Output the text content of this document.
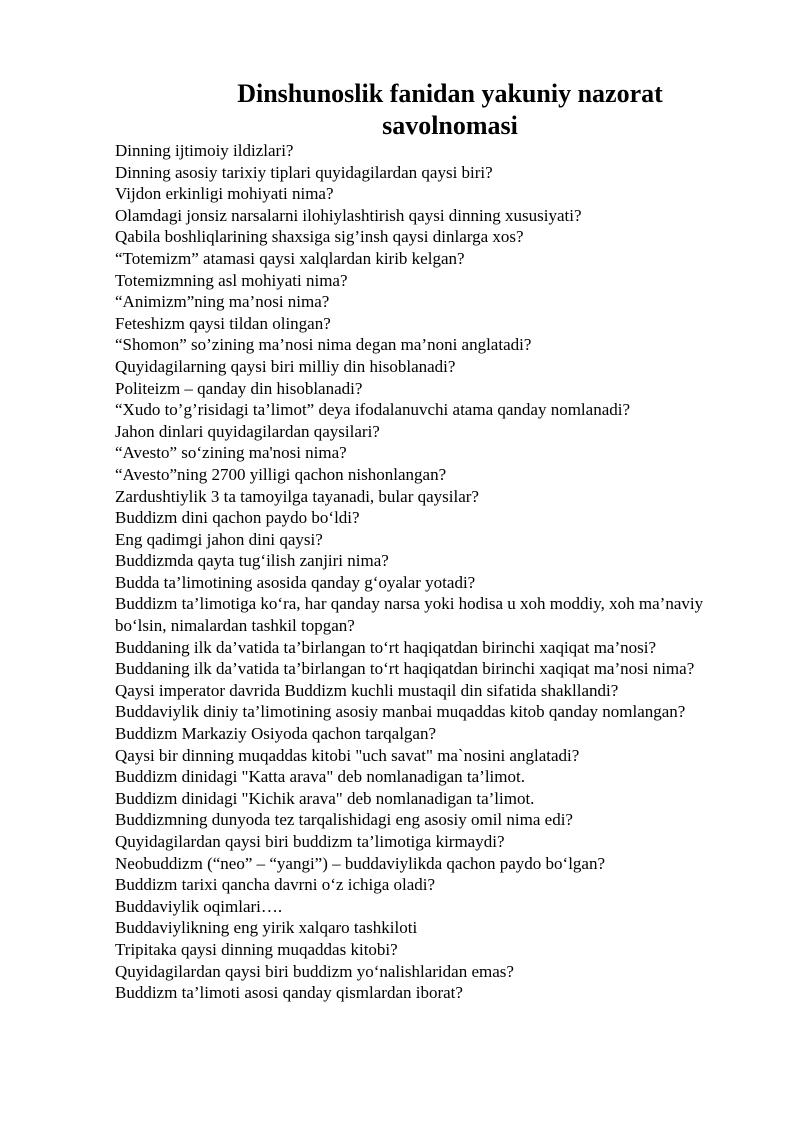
Dinshunoslik fanidan yakuniy nazorat savolnomasi
Dinning ijtimoiy ildizlari?
Dinning asosiy tarixiy tiplari quyidagilardan qaysi biri?
Vijdon erkinligi mohiyati nima?
Olamdagi jonsiz narsalarni ilohiylashtirish qaysi dinning xususiyati?
Qabila boshliqlarining shaxsiga sig’insh qaysi dinlarga xos?
“Totemizm” atamasi qaysi xalqlardan kirib kelgan?
Totemizmning asl mohiyati nima?
“Animizm”ning ma’nosi nima?
Feteshizm qaysi tildan olingan?
“Shomon” so’zining ma’nosi nima degan ma’noni anglatadi?
Quyidagilarning qaysi biri milliy din hisoblanadi?
Politeizm – qanday din hisoblanadi?
“Xudo to’g’risidagi ta’limot” deya ifodalanuvchi atama qanday nomlanadi?
Jahon dinlari quyidagilardan qaysilari?
“Avesto” so‘zining ma'nosi nima?
“Avesto”ning 2700 yilligi qachon nishonlangan?
Zardushtiylik 3 ta tamoyilga tayanadi, bular qaysilar?
Buddizm dini qachon paydo bo‘ldi?
Eng qadimgi jahon dini qaysi?
Buddizmda qayta tug‘ilish zanjiri nima?
Budda ta’limotining asosida qanday g‘oyalar yotadi?
Buddizm ta’limotiga ko‘ra, har qanday narsa yoki hodisa u xoh moddiy, xoh ma’naviy bo‘lsin, nimalardan tashkil topgan?
Buddaning ilk da’vatida ta’birlangan to‘rt haqiqatdan birinchi xaqiqat ma’nosi?
Buddaning ilk da’vatida ta’birlangan to‘rt haqiqatdan birinchi xaqiqat ma’nosi nima?
Qaysi imperator davrida Buddizm kuchli mustaqil din sifatida shakllandi?
Buddaviylik diniy ta’limotining asosiy manbai muqaddas kitob qanday nomlangan?
Buddizm Markaziy Osiyoda qachon tarqalgan?
Qaysi bir dinning muqaddas kitobi "uch savat" ma`nosini anglatadi?
Buddizm dinidagi "Katta arava" deb nomlanadigan ta’limot.
Buddizm dinidagi "Kichik arava" deb nomlanadigan ta’limot.
Buddizmning dunyoda tez tarqalishidagi eng asosiy omil nima edi?
Quyidagilardan qaysi biri buddizm ta’limotiga kirmaydi?
Neobuddizm (“neo” – “yangi”) – buddaviylikda qachon paydo bo‘lgan?
Buddizm tarixi qancha davrni o‘z ichiga oladi?
Buddaviylik oqimlari….
Buddaviylikning eng yirik xalqaro tashkiloti
Tripitaka qaysi dinning muqaddas kitobi?
Quyidagilardan qaysi biri buddizm yo‘nalishlaridan emas?
Buddizm ta’limoti asosi qanday qismlardan iborat?
